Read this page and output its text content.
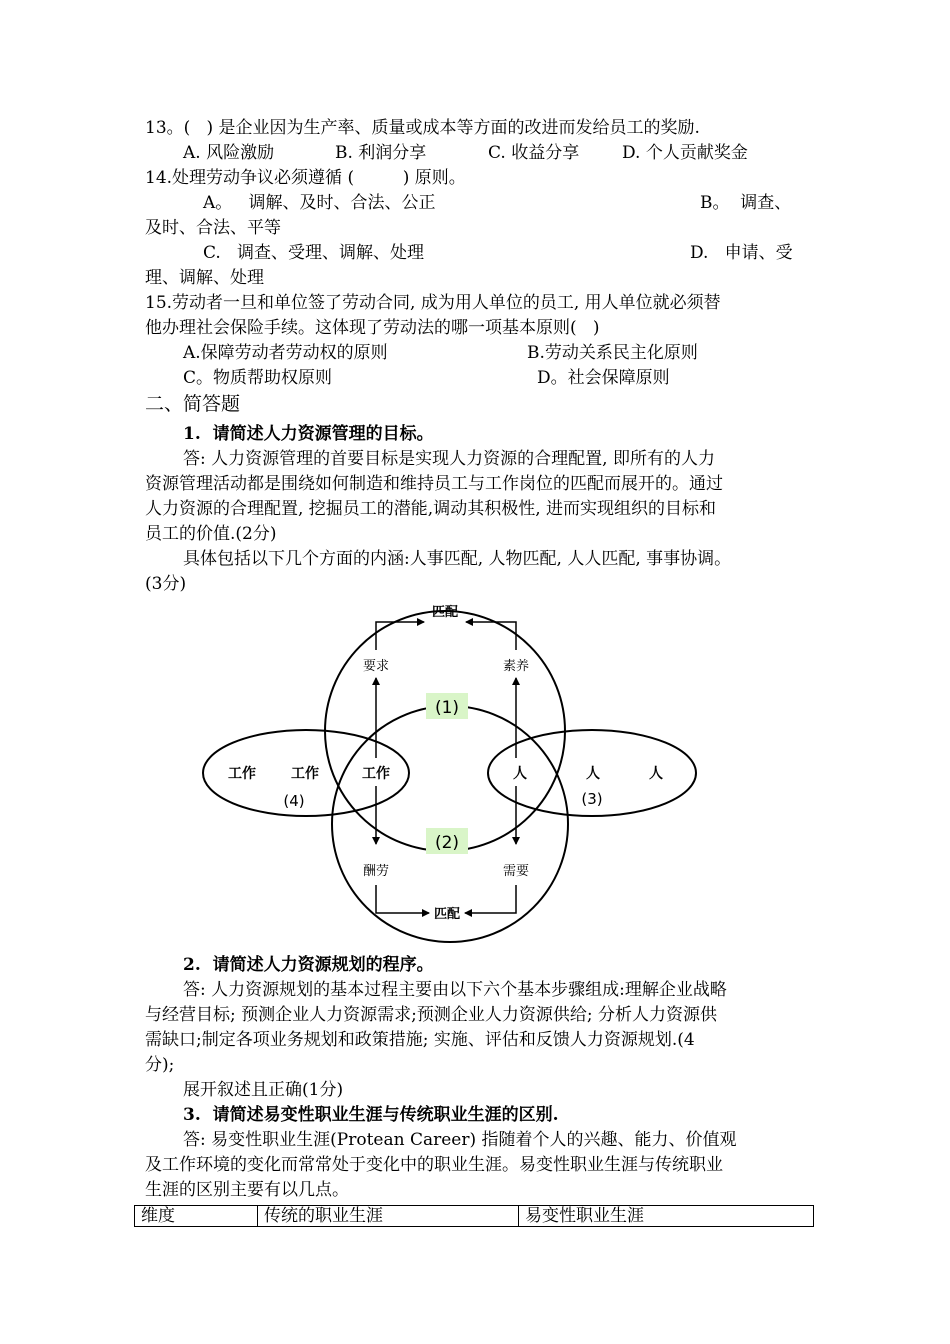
13。(   ) 是企业因为生产率、质量或成本等方面的改进而发给员工的奖励.
A. 风险激励	B. 利润分享	C. 收益分享	D. 个人贡献奖金
14.处理劳动争议必须遵循 (         ) 原则。
A。   调解、及时、合法、公正	B。  调查、
及时、合法、平等
C.   调查、受理、调解、处理	D.   申请、受
理、调解、处理
15.劳动者一旦和单位签了劳动合同, 成为用人单位的员工, 用人单位就必须替
他办理社会保险手续。这体现了劳动法的哪一项基本原则(   )
A.保障劳动者劳动权的原则	B.劳动关系民主化原则
C。物质帮助权原则	D。社会保障原则
二、简答题
1.  请简述人力资源管理的目标。
答: 人力资源管理的首要目标是实现人力资源的合理配置, 即所有的人力
资源管理活动都是围绕如何制造和维持员工与工作岗位的匹配而展开的。通过
人力资源的合理配置, 挖掘员工的潜能,调动其积极性, 进而实现组织的目标和
员工的价值.(2分)
具体包括以下几个方面的内涵:人事匹配, 人物匹配, 人人匹配, 事事协调。
(3分)
匹配
要求	素养
(1)
(2)
工作	工作	工作
(4)
人	人	人
(3)
酬劳	需要
匹配
2.  请简述人力资源规划的程序。
答: 人力资源规划的基本过程主要由以下六个基本步骤组成:理解企业战略
与经营目标; 预测企业人力资源需求;预测企业人力资源供给; 分析人力资源供
需缺口;制定各项业务规划和政策措施; 实施、评估和反馈人力资源规划.(4
分);
展开叙述且正确(1分)
3.  请简述易变性职业生涯与传统职业生涯的区别.
答: 易变性职业生涯(Protean Career) 指随着个人的兴趣、能力、价值观
及工作环境的变化而常常处于变化中的职业生涯。易变性职业生涯与传统职业
生涯的区别主要有以几点。
维度	传统的职业生涯	易变性职业生涯
